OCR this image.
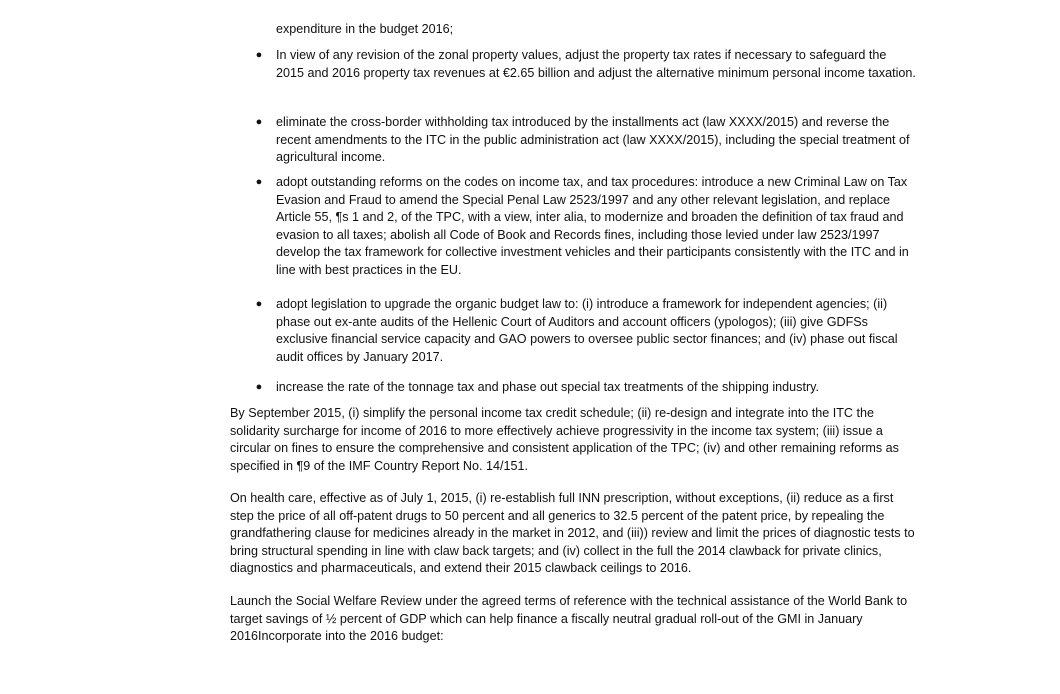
expenditure in the budget 2016;

● In view of any revision of the zonal property values, adjust the property tax rates if necessary to safeguard the 2015 and 2016 property tax revenues at €2.65 billion and adjust the alternative minimum personal income taxation.
● eliminate the cross-border withholding tax introduced by the installments act (law XXXX/2015) and reverse the recent amendments to the ITC in the public administration act (law XXXX/2015), including the special treatment of agricultural income.
● adopt outstanding reforms on the codes on income tax, and tax procedures: introduce a new Criminal Law on Tax Evasion and Fraud to amend the Special Penal Law 2523/1997 and any other relevant legislation, and replace Article 55, ¶s 1 and 2, of the TPC, with a view, inter alia, to modernize and broaden the definition of tax fraud and evasion to all taxes; abolish all Code of Book and Records fines, including those levied under law 2523/1997 develop the tax framework for collective investment vehicles and their participants consistently with the ITC and in line with best practices in the EU.
● adopt legislation to upgrade the organic budget law to: (i) introduce a framework for independent agencies; (ii) phase out ex-ante audits of the Hellenic Court of Auditors and account officers (ypologos); (iii) give GDFSs exclusive financial service capacity and GAO powers to oversee public sector finances; and (iv) phase out fiscal audit offices by January 2017.
● increase the rate of the tonnage tax and phase out special tax treatments of the shipping industry.

By September 2015, (i) simplify the personal income tax credit schedule; (ii) re-design and integrate into the ITC the solidarity surcharge for income of 2016 to more effectively achieve progressivity in the income tax system; (iii) issue a circular on fines to ensure the comprehensive and consistent application of the TPC; (iv) and other remaining reforms as specified in ¶9 of the IMF Country Report No. 14/151.

On health care, effective as of July 1, 2015, (i) re-establish full INN prescription, without exceptions, (ii) reduce as a first step the price of all off-patent drugs to 50 percent and all generics to 32.5 percent of the patent price, by repealing the grandfathering clause for medicines already in the market in 2012, and (iii)) review and limit the prices of diagnostic tests to bring structural spending in line with claw back targets; and (iv) collect in the full the 2014 clawback for private clinics, diagnostics and pharmaceuticals, and extend their 2015 clawback ceilings to 2016.

Launch the Social Welfare Review under the agreed terms of reference with the technical assistance of the World Bank to target savings of ½ percent of GDP which can help finance a fiscally neutral gradual roll-out of the GMI in January 2016Incorporate into the 2016 budget:
